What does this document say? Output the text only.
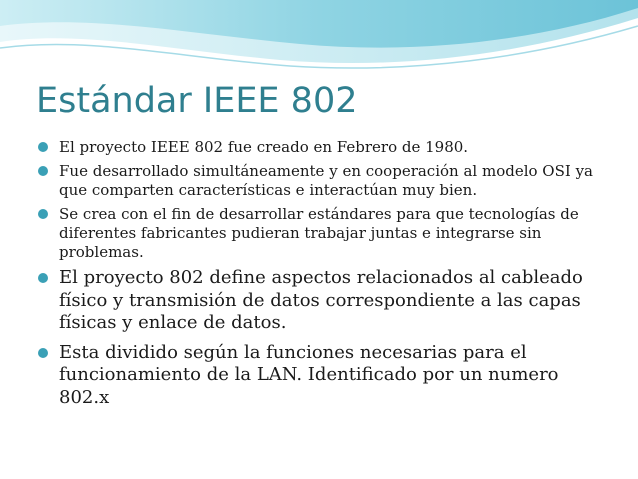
Estándar IEEE 802
El proyecto IEEE 802 fue creado en Febrero de 1980.
Fue desarrollado simultáneamente y en cooperación al modelo OSI ya que comparten características e interactúan muy bien.
Se crea con el fin de desarrollar estándares para que tecnologías de diferentes fabricantes pudieran trabajar juntas e integrarse sin problemas.
El proyecto 802 define aspectos relacionados al cableado físico y transmisión de datos correspondiente a las capas físicas y enlace de datos.
Esta dividido según la funciones necesarias para el funcionamiento de la LAN. Identificado por un numero 802.x
